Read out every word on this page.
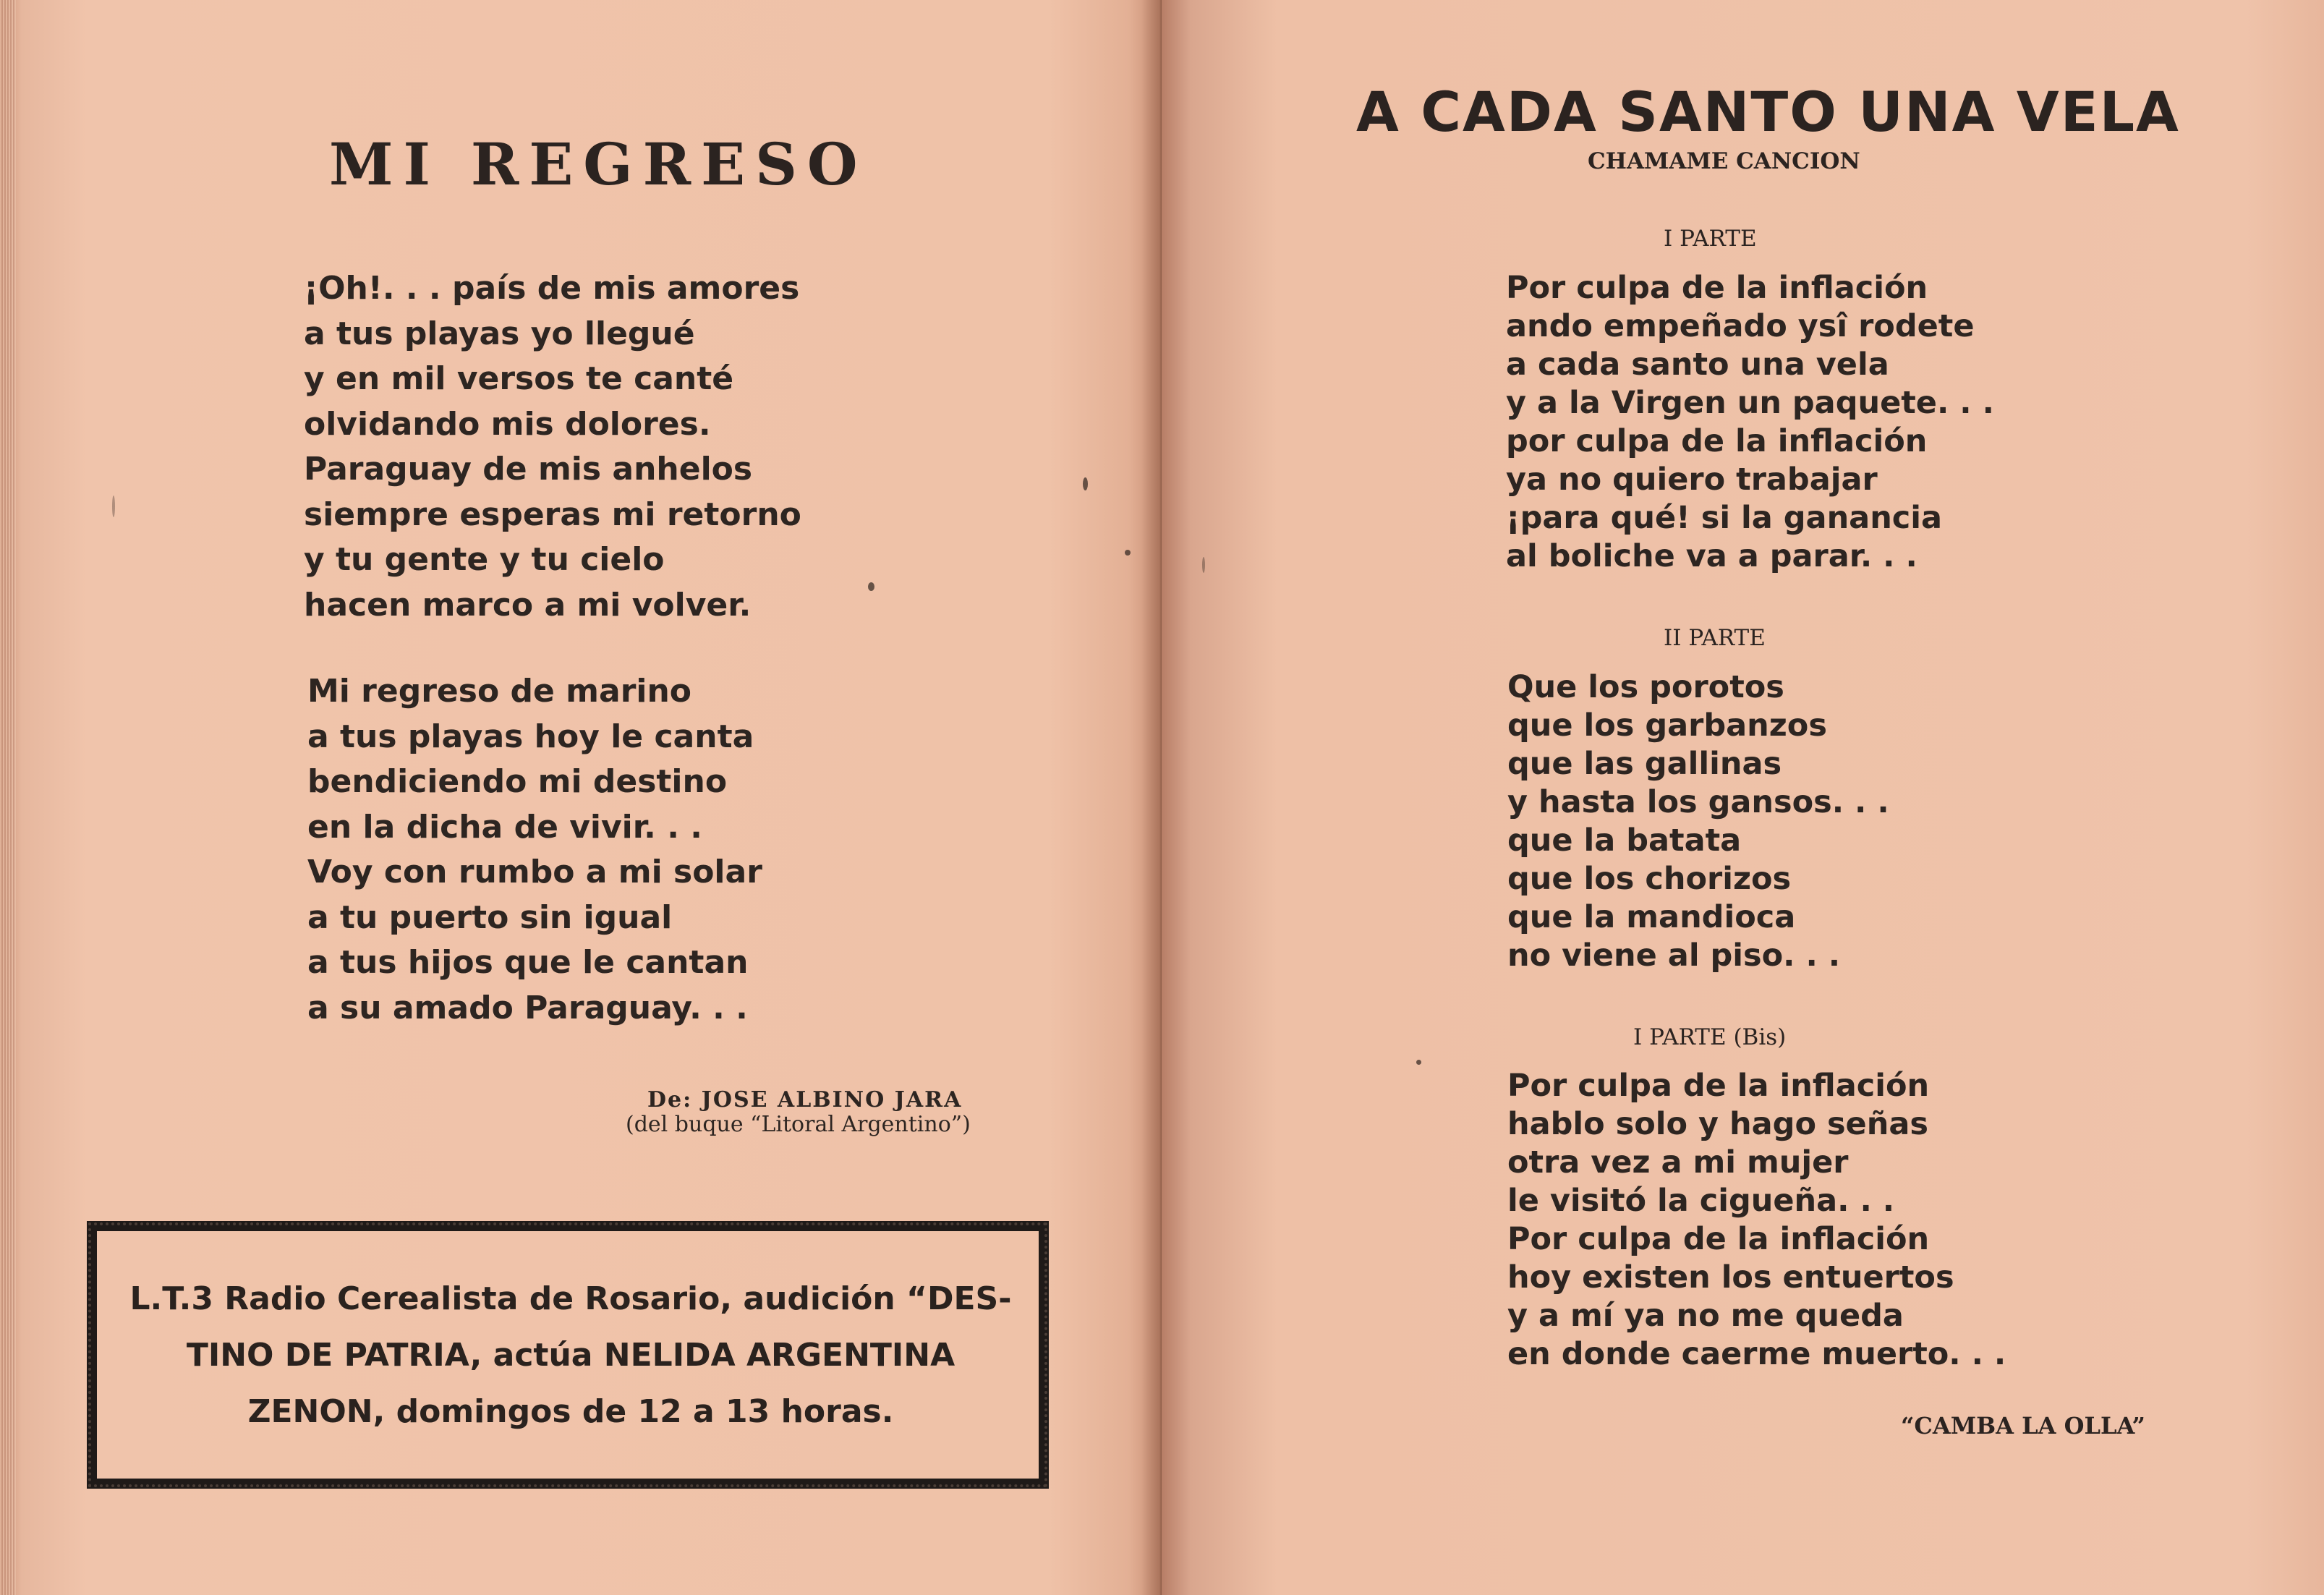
MI REGRESO
¡Oh!. . . país de mis amores
a tus playas yo llegué
y en mil versos te canté
olvidando mis dolores.
Paraguay de mis anhelos
siempre esperas mi retorno
y tu gente y tu cielo
hacen marco a mi volver.
Mi regreso de marino
a tus playas hoy le canta
bendiciendo mi destino
en la dicha de vivir. . .
Voy con rumbo a mi solar
a tu puerto sin igual
a tus hijos que le cantan
a su amado Paraguay. . .
De: JOSE ALBINO JARA
(del buque “Litoral Argentino”)

L.T.3 Radio Cerealista de Rosario, audición “DES-
TINO DE PATRIA, actúa NELIDA ARGENTINA
ZENON, domingos de 12 a 13 horas.

A CADA SANTO UNA VELA
CHAMAME CANCION
I PARTE
Por culpa de la inflación
ando empeñado ysî rodete
a cada santo una vela
y a la Virgen un paquete. . .
por culpa de la inflación
ya no quiero trabajar
¡para qué! si la ganancia
al boliche va a parar. . .
II PARTE
Que los porotos
que los garbanzos
que las gallinas
y hasta los gansos. . .
que la batata
que los chorizos
que la mandioca
no viene al piso. . .
I PARTE (Bis)
Por culpa de la inflación
hablo solo y hago señas
otra vez a mi mujer
le visitó la cigueña. . .
Por culpa de la inflación
hoy existen los entuertos
y a mí ya no me queda
en donde caerme muerto. . .
“CAMBA LA OLLA”
